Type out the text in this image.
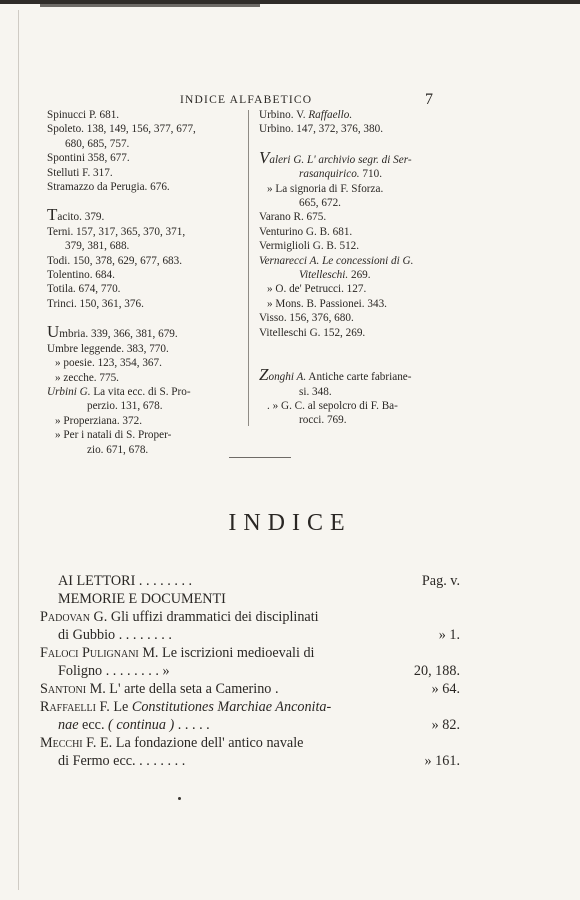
INDICE ALFABETICO	7
Spinucci P. 681.
Spoleto. 138, 149, 156, 377, 677,
680, 685, 757.
Spontini 358, 677.
Stelluti F. 317.
Stramazzo da Perugia. 676.
Tacito. 379.
Terni. 157, 317, 365, 370, 371,
379, 381, 688.
Todi. 150, 378, 629, 677, 683.
Tolentino. 684.
Totila. 674, 770.
Trinci. 150, 361, 376.
Umbria. 339, 366, 381, 679.
Umbre leggende. 383, 770.
» poesie. 123, 354, 367.
» zecche. 775.
Urbini G. La vita ecc. di S. Pro-
perzio. 131, 678.
» Properziana. 372.
» Per i natali di S. Proper-
zio. 671, 678.
Urbino. V. Raffaello.
Urbino. 147, 372, 376, 380.
Valeri G. L' archivio segr. di Ser-
rasanquirico. 710.
» La signoria di F. Sforza.
665, 672.
Varano R. 675.
Venturino G. B. 681.
Vermiglioli G. B. 512.
Vernarecci A. Le concessioni di G.
Vitelleschi. 269.
» O. de' Petrucci. 127.
» Mons. B. Passionei. 343.
Visso. 156, 376, 680.
Vitelleschi G. 152, 269.
Zonghi A. Antiche carte fabriane-
si. 348.
. » G. C. al sepolcro di F. Ba-
rocci. 769.
INDICE
AI LETTORI . . . . . . . .	Pag. v.
MEMORIE E DOCUMENTI
Padovan G. Gli uffizi drammatici dei disciplinati
di Gubbio . . . . . . . .	» 1.
Faloci Pulignani M. Le iscrizioni medioevali di
Foligno . . . . . . . . »	20, 188.
Santoni M. L' arte della seta a Camerino .	» 64.
Raffaelli F. Le Constitutiones Marchiae Anconita-
nae ecc. ( continua ) . . . . .	» 82.
Mecchi F. E. La fondazione dell' antico navale
di Fermo ecc. . . . . . . .	» 161.
